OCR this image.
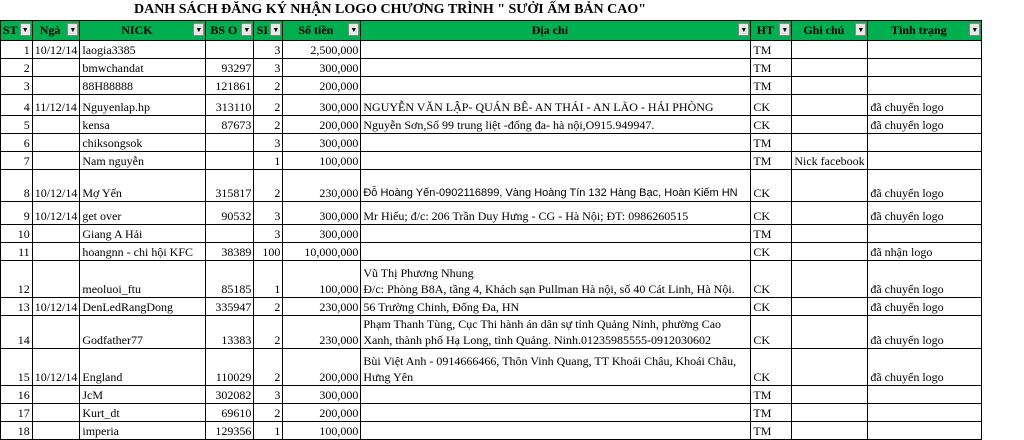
DANH SÁCH ĐĂNG KÝ NHẬN LOGO CHƯƠNG TRÌNH " SƯỞI ẤM BẢN CAO"
ST ▼	Ngà ▼	NICK ▼	BS O ▼	SI ▼	Số tiền ▼	Địa chỉ ▼	HT ▼	Ghi chú ▼	Tình trạng ▼

1	10/12/14	laogia3385		3	2,500,000		TM		
2		bmwchandat	93297	3	300,000		TM		
3		88H88888	121861	2	200,000		TM		
4	11/12/14	Nguyenlap.hp	313110	2	300,000	NGUYỄN VĂN LẬP- QUÁN BÊ- AN THÁI - AN LÃO - HẢI PHÒNG	CK		đã chuyển logo
5		kensa	87673	2	200,000	Nguyễn Sơn,Số 99 trung liệt -đống đa- hà nội,O915.949947.	CK		đã chuyển logo
6		chiksongsok		3	300,000		TM		
7		Nam nguyễn		1	100,000		TM	Nick facebook	
8	10/12/14	Mợ Yến	315817	2	230,000	Đỗ Hoàng Yến-0902116899, Vàng Hoàng Tín 132 Hàng Bạc, Hoàn Kiếm HN	CK		đã chuyển logo
9	10/12/14	get over	90532	3	300,000	Mr Hiếu; đ/c: 206 Trần Duy Hưng - CG - Hà Nội; ĐT: 0986260515	CK		đã chuyển logo
10		Giang A Hải		3	300,000		TM		
11		hoangnn - chi hội KFC	38389	100	10,000,000		CK		đã nhận logo
12		meoluoi_ftu	85185	1	100,000	Vũ Thị Phương Nhung
Đ/c: Phòng B8A, tầng 4, Khách sạn Pullman Hà nội, số 40 Cát Linh, Hà Nội.	CK		đã chuyển logo
13	10/12/14	DenLedRangDong	335947	2	230,000	56 Trường Chinh, Đống Đa, HN	CK		đã chuyển logo
14		Godfather77	13383	2	230,000	Phạm Thanh Tùng, Cục Thi hành án dân sự tỉnh Quảng Ninh, phường Cao Xanh, thành phố Hạ Long, tỉnh Quảng. Ninh.01235985555-0912030602	CK		đã chuyển logo
15	10/12/14	England	110029	2	200,000	Bùi Việt Anh - 0914666466, Thôn Vinh Quang, TT Khoái Châu, Khoái Châu, Hưng Yên	CK		đã chuyển logo
16		JcM	302082	3	300,000		TM		
17		Kurt_dt	69610	2	200,000		TM		
18		imperia	129356	1	100,000		TM		
